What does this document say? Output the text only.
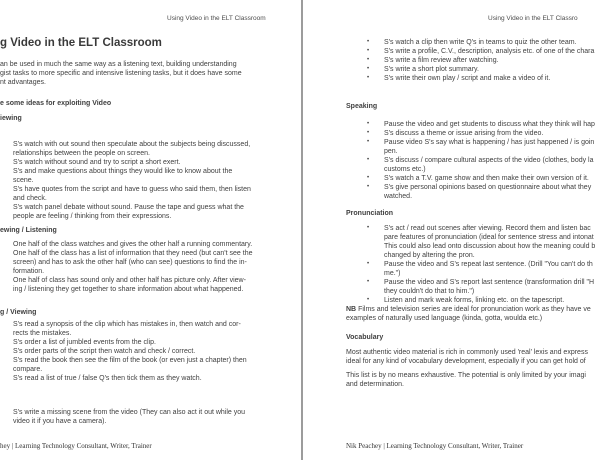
Using Video in the ELT Classroom
g Video in the ELT Classroom
an be used in much the same way as a listening text, building understanding
gist tasks to more specific and intensive listening tasks, but it does have some
nt advantages.
e some ideas for exploiting Video
iewing
S's watch with out sound then speculate about the subjects being discussed,
relationships between the people on screen.
S's watch without sound and try to script a short exert.
S's and make questions about things they would like to know about the
scene.
S's have quotes from the script and have to guess who said them, then listen
and check.
S's watch panel debate without sound. Pause the tape and guess what the
people are feeling / thinking from their expressions.
ewing / Listening
One half of the class watches and gives the other half a running commentary.
One half of the class has a list of information that they need (but can't see the
screen) and has to ask the other half (who can see) questions to find the in-
formation.
One half of class has sound only and other half has picture only. After view-
ing / listening they get together to share information about what happened.
g / Viewing
S's read a synopsis of the clip which has mistakes in, then watch and cor-
rects the mistakes.
S's order a list of jumbled events from the clip.
S's order parts of the script then watch and check / correct.
S's read the book then see the film of the book (or even just a chapter) then
compare.
S's read a list of true / false Q's then tick them as they watch.
S's write a missing scene from the video (They can also act it out while you
video it if you have a camera).
hey | Learning Technology Consultant, Writer, Trainer
Using Video in the ELT Classro
• S's watch a clip then write Q's in teams to quiz the other team.
• S's write a profile, C.V., description, analysis etc. of one of the chara
• S's write a film review after watching.
• S's write a short plot summary.
• S's write their own play / script and make a video of it.
Speaking
• Pause the video and get students to discuss what they think will hap
• S's discuss a theme or issue arising from the video.
• Pause video S's say what is happening / has just happened / is goin
pen.
• S's discuss / compare cultural aspects of the video (clothes, body la
customs etc.)
• S's watch a T.V. game show and then make their own version of it.
• S's give personal opinions based on questionnaire about what they
watched.
Pronunciation
• S's act / read out scenes after viewing. Record them and listen bac
pare features of pronunciation (ideal for sentence stress and intonat
This could also lead onto discussion about how the meaning could b
changed by altering the pron.
• Pause the video and S's repeat last sentence. (Drill "You can't do th
me.")
• Pause the video and S's report last sentence (transformation drill "H
they couldn't do that to him.")
• Listen and mark weak forms, linking etc. on the tapescript.
NB Films and television series are ideal for pronunciation work as they have ve
examples of naturally used language (kinda, gotta, woulda etc.)
Vocabulary
Most authentic video material is rich in commonly used 'real' lexis and express
ideal for any kind of vocabulary development, especially if you can get hold of
This list is by no means exhaustive. The potential is only limited by your imagi
and determination.
Nik Peachey | Learning Technology Consultant, Writer, Trainer
